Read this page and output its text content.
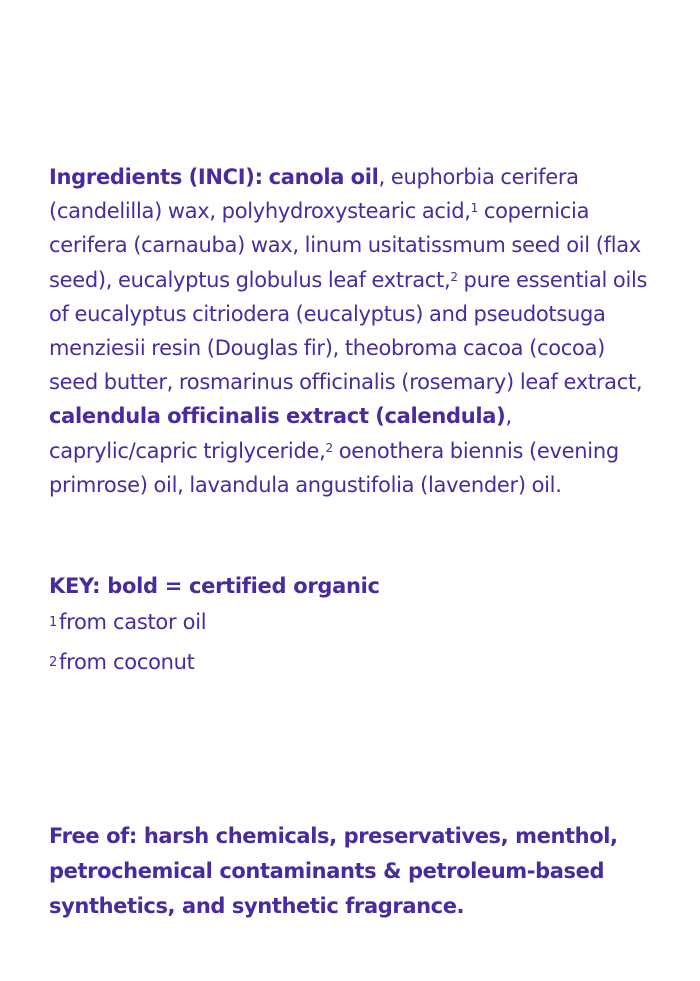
Ingredients (INCI): canola oil, euphorbia cerifera (candelilla) wax, polyhydroxystearic acid,$^1$ copernicia cerifera (carnauba) wax, linum usitatissmum seed oil (flax seed), eucalyptus globulus leaf extract,$^2$ pure essential oils of eucalyptus citriodera (eucalyptus) and pseudotsuga menziesii resin (Douglas fir), theobroma cacoa (cocoa) seed butter, rosmarinus officinalis (rosemary) leaf extract, calendula officinalis extract (calendula), caprylic/capric triglyceride,$^2$ oenothera biennis (evening primrose) oil, lavandula angustifolia (lavender) oil.
KEY: bold = certified organic
1from castor oil
2from coconut
Free of: harsh chemicals, preservatives, menthol, petrochemical contaminants & petroleum-based synthetics, and synthetic fragrance.
